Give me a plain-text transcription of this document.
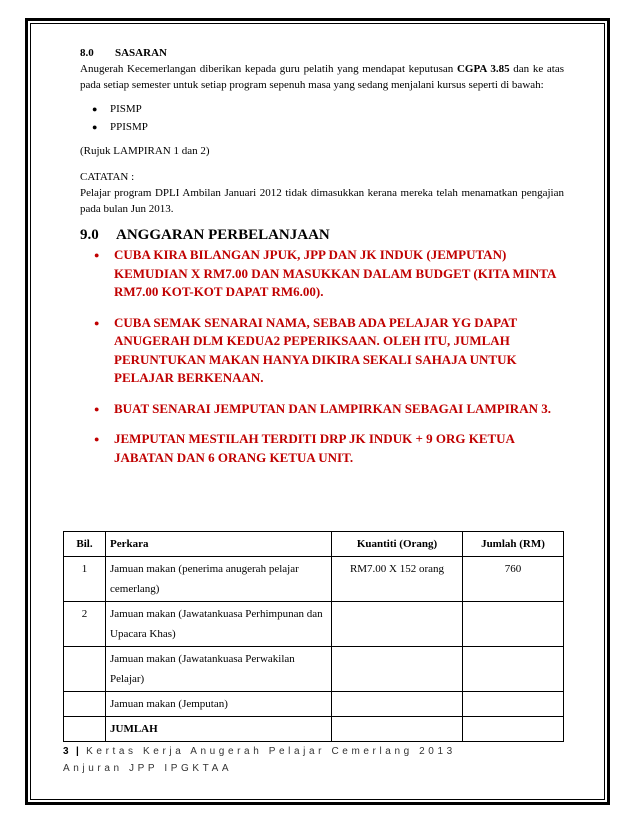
8.0 SASARAN
Anugerah Kecemerlangan diberikan kepada guru pelatih yang mendapat keputusan CGPA 3.85 dan ke atas pada setiap semester untuk setiap program sepenuh masa yang sedang menjalani kursus seperti di bawah:
● PISMP
● PPISMP
(Rujuk LAMPIRAN 1 dan 2)
CATATAN :
Pelajar program DPLI Ambilan Januari 2012 tidak dimasukkan kerana mereka telah menamatkan pengajian pada bulan Jun 2013.
9.0 ANGGARAN PERBELANJAAN
● CUBA KIRA BILANGAN JPUK, JPP DAN JK INDUK (JEMPUTAN) KEMUDIAN X RM7.00 DAN MASUKKAN DALAM BUDGET (KITA MINTA RM7.00 KOT-KOT DAPAT RM6.00).
● CUBA SEMAK SENARAI NAMA, SEBAB ADA PELAJAR YG DAPAT ANUGERAH DLM KEDUA2 PEPERIKSAAN. OLEH ITU, JUMLAH PERUNTUKAN MAKAN HANYA DIKIRA SEKALI SAHAJA UNTUK PELAJAR BERKENAAN.
● BUAT SENARAI JEMPUTAN DAN LAMPIRKAN SEBAGAI LAMPIRAN 3.
● JEMPUTAN MESTILAH TERDITI DRP JK INDUK + 9 ORG KETUA JABATAN DAN 6 ORANG KETUA UNIT.
Bil.	Perkara	Kuantiti (Orang)	Jumlah (RM)
1	Jamuan makan (penerima anugerah pelajar cemerlang)	RM7.00 X 152 orang	760
2	Jamuan makan (Jawatankuasa Perhimpunan dan Upacara Khas)		
	Jamuan makan (Jawatankuasa Perwakilan Pelajar)		
	Jamuan makan (Jemputan)		
	JUMLAH		
3 | Kertas Kerja Anugerah Pelajar Cemerlang 2013
Anjuran JPP IPGKTAA
